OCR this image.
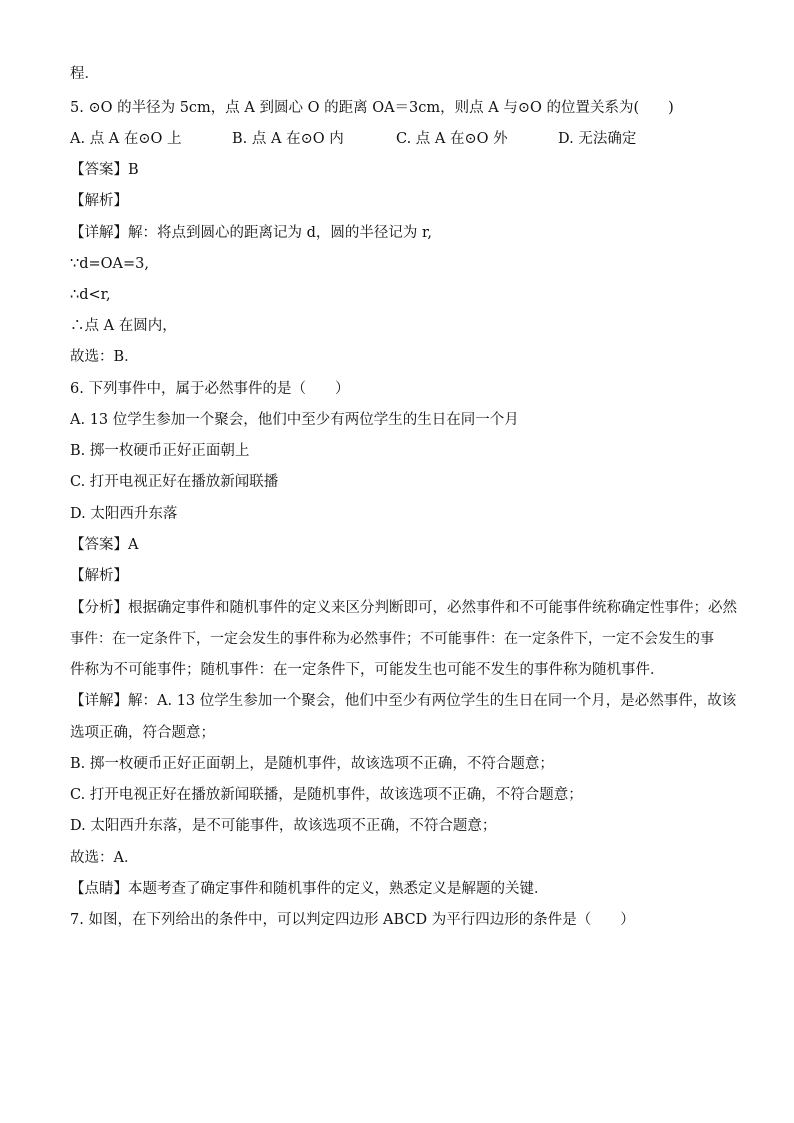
程．
5. ⊙O 的半径为 5cm，点 A 到圆心 O 的距离 OA＝3cm，则点 A 与⊙O 的位置关系为(　　)
A. 点 A 在⊙O 上	B. 点 A 在⊙O 内	C. 点 A 在⊙O 外	D. 无法确定
【答案】B
【解析】
【详解】解：将点到圆心的距离记为 d，圆的半径记为 r,
∵d=OA=3,
∴d<r,
∴点 A 在圆内，
故选：B．
6. 下列事件中，属于必然事件的是（　　）
A. 13 位学生参加一个聚会，他们中至少有两位学生的生日在同一个月
B. 掷一枚硬币正好正面朝上
C. 打开电视正好在播放新闻联播
D. 太阳西升东落
【答案】A
【解析】
【分析】根据确定事件和随机事件的定义来区分判断即可，必然事件和不可能事件统称确定性事件；必然
事件：在一定条件下，一定会发生的事件称为必然事件；不可能事件：在一定条件下，一定不会发生的事
件称为不可能事件；随机事件：在一定条件下，可能发生也可能不发生的事件称为随机事件．
【详解】解：A. 13 位学生参加一个聚会，他们中至少有两位学生的生日在同一个月，是必然事件，故该
选项正确，符合题意；
B. 掷一枚硬币正好正面朝上，是随机事件，故该选项不正确，不符合题意；
C. 打开电视正好在播放新闻联播，是随机事件，故该选项不正确，不符合题意；
D. 太阳西升东落，是不可能事件，故该选项不正确，不符合题意；
故选：A．
【点睛】本题考查了确定事件和随机事件的定义，熟悉定义是解题的关键．
7. 如图，在下列给出的条件中，可以判定四边形 ABCD 为平行四边形的条件是（　　）
